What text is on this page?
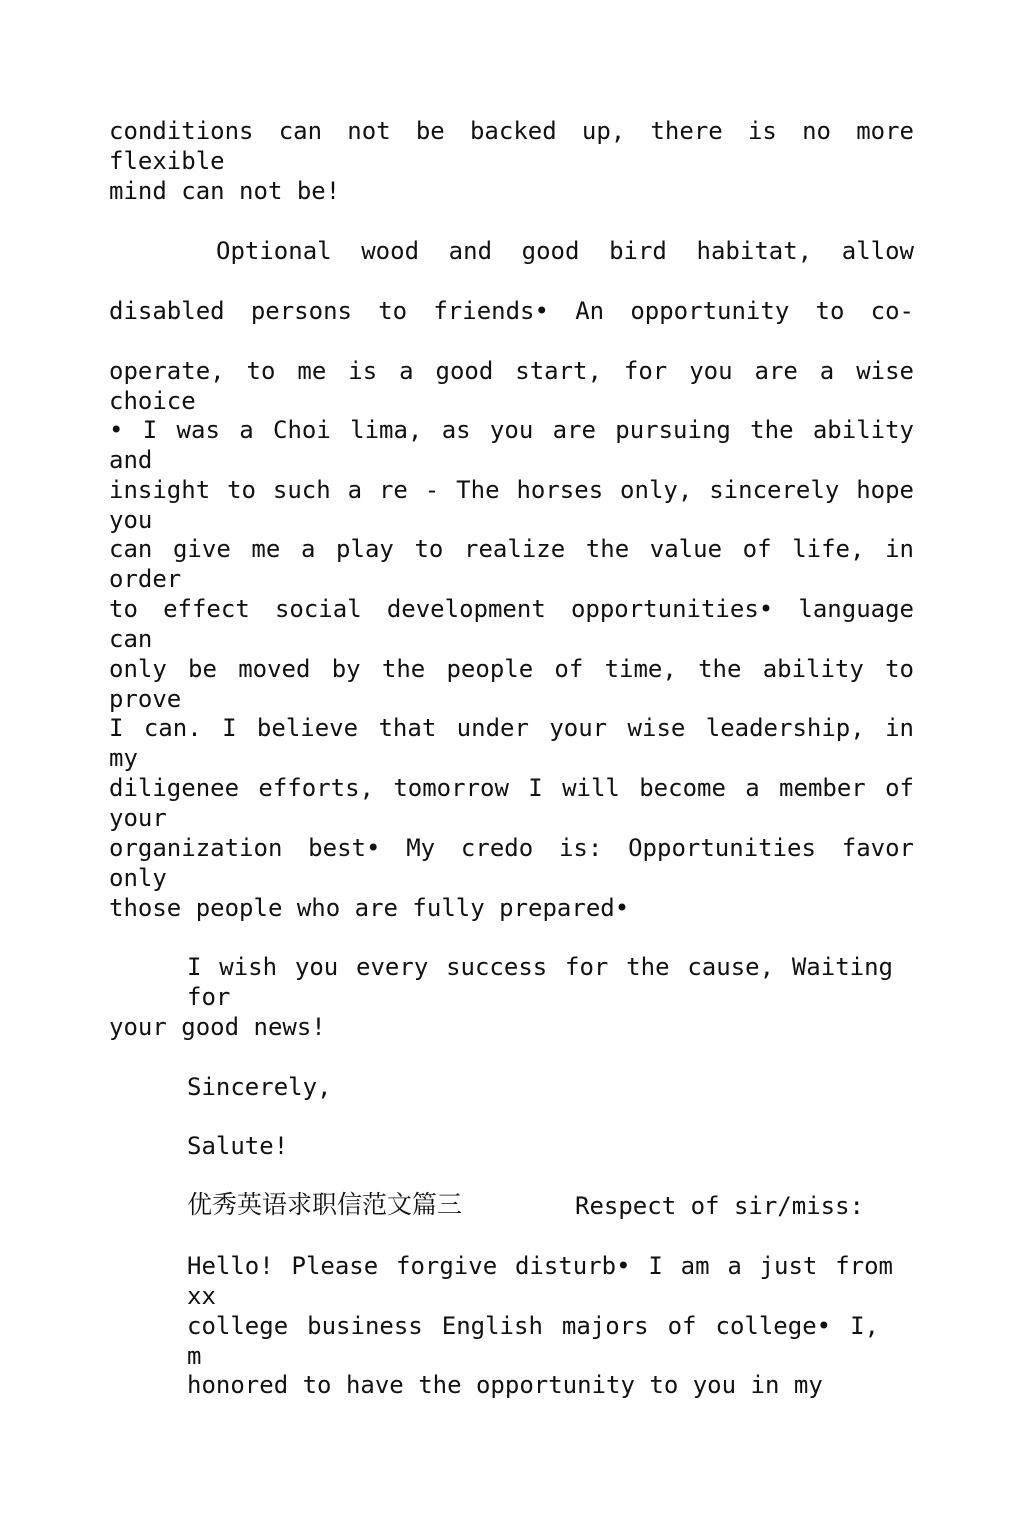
conditions can not be backed up, there is no more flexible

mind can not be!

Optional wood and good bird habitat, allow

disabled persons to friends• An opportunity to co-

operate, to me is a good start, for you are a wise choice

• I was a Choi lima, as you are pursuing the ability and

insight to such a re - The horses only, sincerely hope you

can give me a play to realize the value of life, in order

to effect social development opportunities• language can

only be moved by the people of time, the ability to prove

I can. I believe that under your wise leadership, in my

diligenee efforts, tomorrow I will become a member of your

organization best• My credo is: Opportunities favor only

those people who are fully prepared•

I wish you every success for the cause, Waiting for

your good news!

Sincerely,

Salute!

优秀英语求职信范文篇三	Respect of sir/miss:

Hello! Please forgive disturb• I am a just from xx

college business English majors of college• I, m

honored to have the opportunity to you in my
